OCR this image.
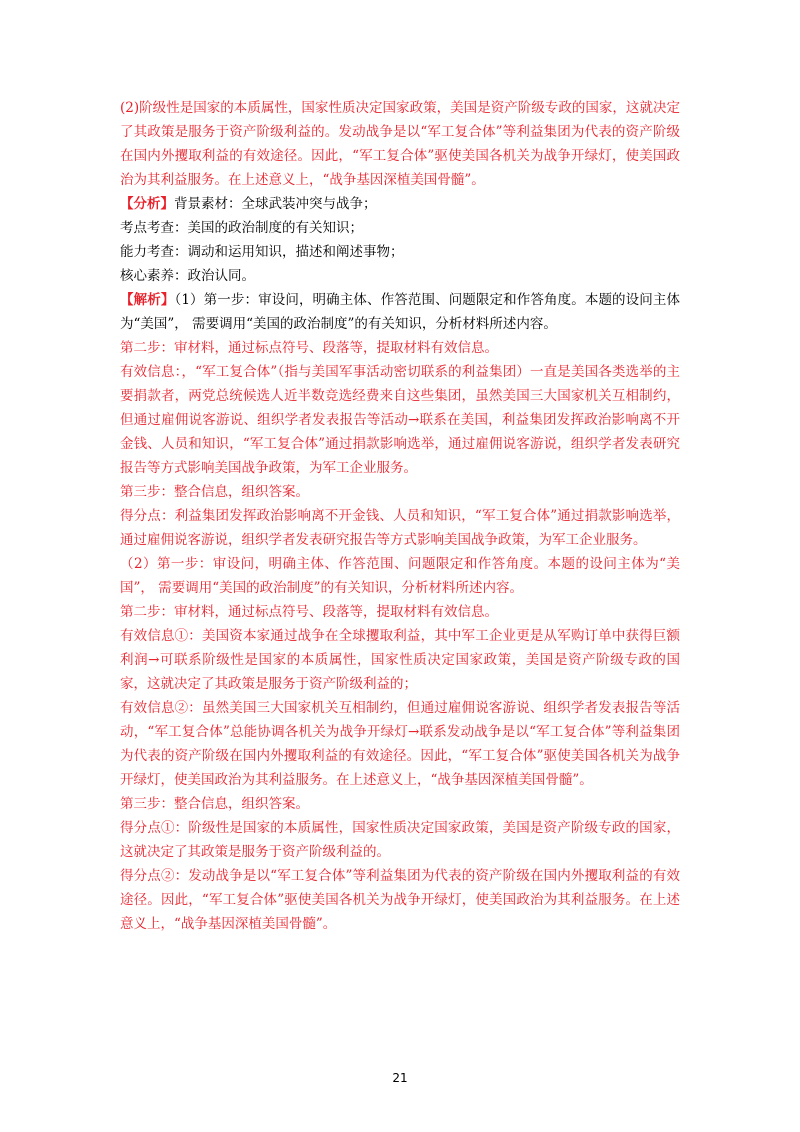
(2)阶级性是国家的本质属性，国家性质决定国家政策，美国是资产阶级专政的国家，这就决定了其政策是服务于资产阶级利益的。发动战争是以“军工复合体”等利益集团为代表的资产阶级在国内外攫取利益的有效途径。因此，“军工复合体”驱使美国各机关为战争开绿灯，使美国政治为其利益服务。在上述意义上，“战争基因深植美国骨髓”。

【分析】背景素材：全球武装冲突与战争；

考点考查：美国的政治制度的有关知识；

能力考查：调动和运用知识，描述和阐述事物；

核心素养：政治认同。

【解析】（1）第一步：审设问，明确主体、作答范围、问题限定和作答角度。本题的设问主体为“美国”， 需要调用“美国的政治制度”的有关知识，分析材料所述内容。

第二步：审材料，通过标点符号、段落等，提取材料有效信息。

有效信息：，“军工复合体”（指与美国军事活动密切联系的利益集团）一直是美国各类选举的主要捐款者，两党总统候选人近半数竞选经费来自这些集团，虽然美国三大国家机关互相制约，但通过雇佣说客游说、组织学者发表报告等活动→联系在美国，利益集团发挥政治影响离不开金钱、人员和知识，“军工复合体”通过捐款影响选举，通过雇佣说客游说，组织学者发表研究报告等方式影响美国战争政策，为军工企业服务。

第三步：整合信息，组织答案。

得分点：利益集团发挥政治影响离不开金钱、人员和知识，“军工复合体”通过捐款影响选举，通过雇佣说客游说，组织学者发表研究报告等方式影响美国战争政策，为军工企业服务。

（2）第一步：审设问，明确主体、作答范围、问题限定和作答角度。本题的设问主体为“美国”， 需要调用“美国的政治制度”的有关知识，分析材料所述内容。

第二步：审材料，通过标点符号、段落等，提取材料有效信息。

有效信息①：美国资本家通过战争在全球攫取利益，其中军工企业更是从军购订单中获得巨额利润→可联系阶级性是国家的本质属性，国家性质决定国家政策，美国是资产阶级专政的国家，这就决定了其政策是服务于资产阶级利益的；

有效信息②：虽然美国三大国家机关互相制约，但通过雇佣说客游说、组织学者发表报告等活动，“军工复合体”总能协调各机关为战争开绿灯→联系发动战争是以“军工复合体”等利益集团为代表的资产阶级在国内外攫取利益的有效途径。因此，“军工复合体”驱使美国各机关为战争开绿灯，使美国政治为其利益服务。在上述意义上，“战争基因深植美国骨髓”。

第三步：整合信息，组织答案。

得分点①：阶级性是国家的本质属性，国家性质决定国家政策，美国是资产阶级专政的国家，这就决定了其政策是服务于资产阶级利益的。

得分点②：发动战争是以“军工复合体”等利益集团为代表的资产阶级在国内外攫取利益的有效途径。因此，“军工复合体”驱使美国各机关为战争开绿灯，使美国政治为其利益服务。在上述意义上，“战争基因深植美国骨髓”。

21
